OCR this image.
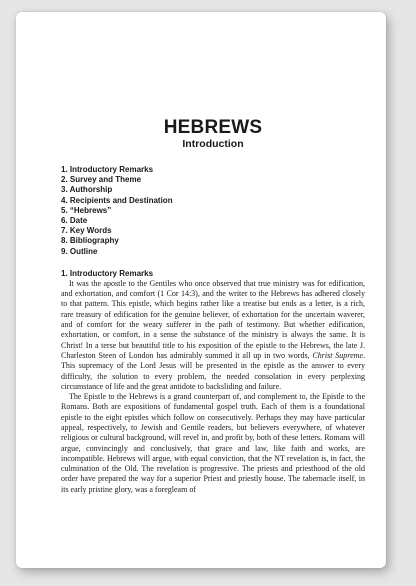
HEBREWS
Introduction
1. Introductory Remarks
2. Survey and Theme
3. Authorship
4. Recipients and Destination
5. “Hebrews”
6. Date
7. Key Words
8. Bibliography
9. Outline
1. Introductory Remarks

It was the apostle to the Gentiles who once observed that true ministry was for edification, and exhortation, and comfort (1 Cor 14:3), and the writer to the Hebrews has adhered closely to that pattern. This epistle, which begins rather like a treatise but ends as a letter, is a rich, rare treasury of edification for the genuine believer, of exhortation for the uncertain waverer, and of comfort for the weary sufferer in the path of testimony. But whether edification, exhortation, or comfort, in a sense the substance of the ministry is always the same. It is Christ! In a terse but beautiful title to his exposition of the epistle to the Hebrews, the late J. Charleston Steen of London has admirably summed it all up in two words, Christ Supreme. This supremacy of the Lord Jesus will be presented in the epistle as the answer to every difficulty, the solution to every problem, the needed consolation in every perplexing circumstance of life and the great antidote to backsliding and failure.

The Epistle to the Hebrews is a grand counterpart of, and complement to, the Epistle to the Romans. Both are expositions of fundamental gospel truth. Each of them is a foundational epistle to the eight epistles which follow on consecutively. Perhaps they may have particular appeal, respectively, to Jewish and Gentile readers, but believers everywhere, of whatever religious or cultural background, will revel in, and profit by, both of these letters. Romans will argue, convincingly and conclusively, that grace and law, like faith and works, are incompatible. Hebrews will argue, with equal conviction, that the NT revelation is, in fact, the culmination of the Old. The revelation is progressive. The priests and priesthood of the old order have prepared the way for a superior Priest and priestly house. The tabernacle itself, in its early pristine glory, was a foregleam of
